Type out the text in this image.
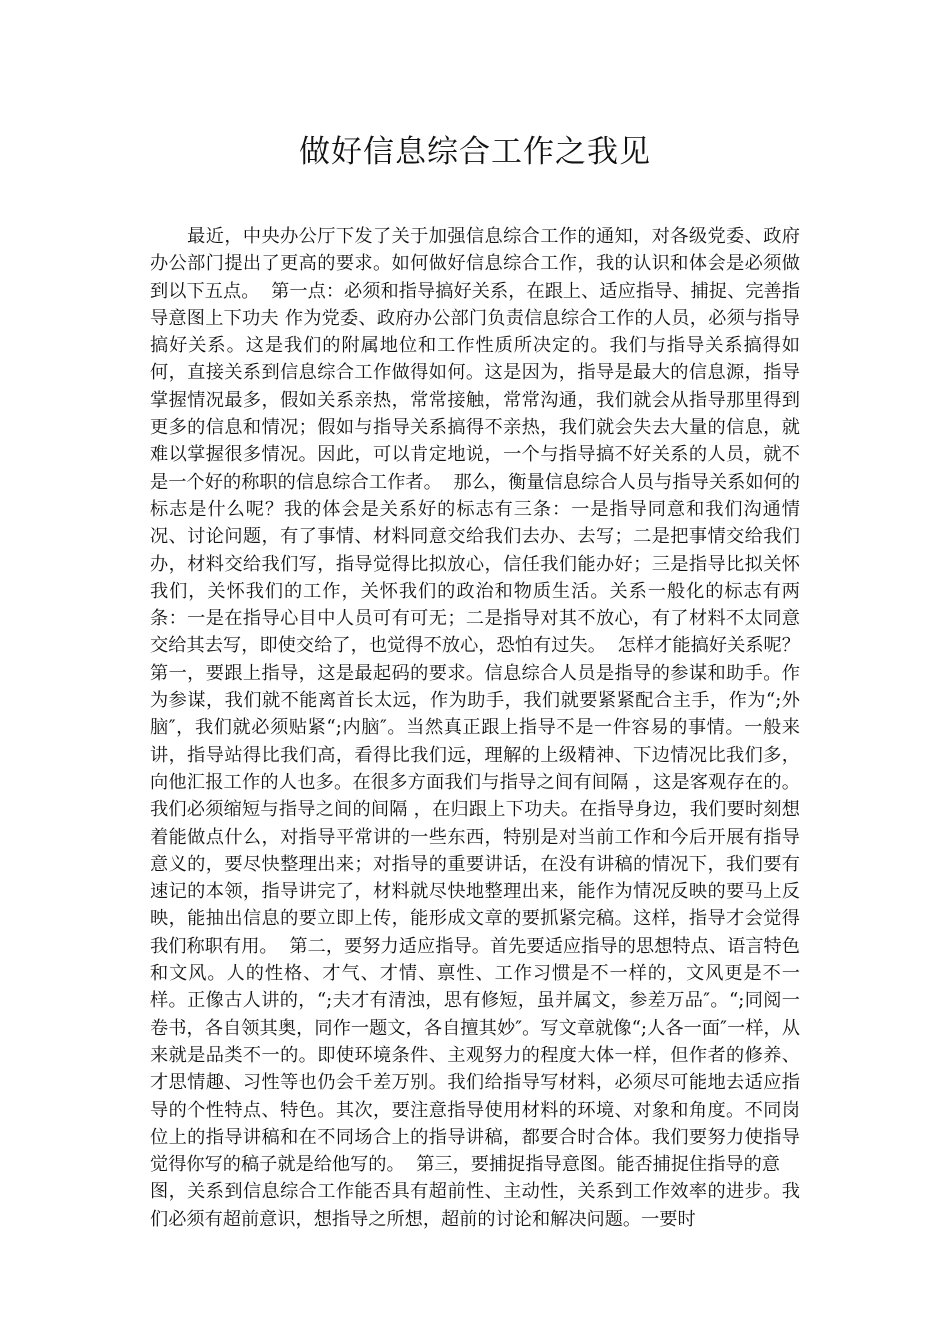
做好信息综合工作之我见

　　最近，中央办公厅下发了关于加强信息综合工作的通知，对各级党委、政府办公部门提出了更高的要求。如何做好信息综合工作，我的认识和体会是必须做到以下五点。  第一点：必须和指导搞好关系，在跟上、适应指导、捕捉、完善指导意图上下功夫 作为党委、政府办公部门负责信息综合工作的人员，必须与指导搞好关系。这是我们的附属地位和工作性质所决定的。我们与指导关系搞得如何，直接关系到信息综合工作做得如何。这是因为，指导是最大的信息源，指导掌握情况最多，假如关系亲热，常常接触，常常沟通，我们就会从指导那里得到更多的信息和情况；假如与指导关系搞得不亲热，我们就会失去大量的信息，就难以掌握很多情况。因此，可以肯定地说，一个与指导搞不好关系的人员，就不是一个好的称职的信息综合工作者。  那么，衡量信息综合人员与指导关系如何的标志是什么呢？我的体会是关系好的标志有三条：一是指导同意和我们沟通情况、讨论问题，有了事情、材料同意交给我们去办、去写；二是把事情交给我们办，材料交给我们写，指导觉得比拟放心，信任我们能办好；三是指导比拟关怀我们，关怀我们的工作，关怀我们的政治和物质生活。关系一般化的标志有两条：一是在指导心目中人员可有可无；二是指导对其不放心，有了材料不太同意交给其去写，即使交给了，也觉得不放心，恐怕有过失。  怎样才能搞好关系呢？第一，要跟上指导，这是最起码的要求。信息综合人员是指导的参谋和助手。作为参谋，我们就不能离首长太远，作为助手，我们就要紧紧配合主手，作为“;外脑″，我们就必须贴紧“;内脑″。当然真正跟上指导不是一件容易的事情。一般来讲，指导站得比我们高，看得比我们远，理解的上级精神、下边情况比我们多，向他汇报工作的人也多。在很多方面我们与指导之间有间隔 ，这是客观存在的。我们必须缩短与指导之间的间隔 ，在归跟上下功夫。在指导身边，我们要时刻想着能做点什么，对指导平常讲的一些东西，特别是对当前工作和今后开展有指导意义的，要尽快整理出来；对指导的重要讲话，在没有讲稿的情况下，我们要有速记的本领，指导讲完了，材料就尽快地整理出来，能作为情况反映的要马上反映，能抽出信息的要立即上传，能形成文章的要抓紧完稿。这样，指导才会觉得我们称职有用。  第二，要努力适应指导。首先要适应指导的思想特点、语言特色和文风。人的性格、才气、才情、禀性、工作习惯是不一样的，文风更是不一样。正像古人讲的，“;夫才有清浊，思有修短，虽并属文，参差万品″。“;同阅一卷书，各自领其奥，同作一题文，各自擅其妙″。写文章就像“;人各一面″一样，从来就是品类不一的。即使环境条件、主观努力的程度大体一样，但作者的修养、才思情趣、习性等也仍会千差万别。我们给指导写材料，必须尽可能地去适应指导的个性特点、特色。其次，要注意指导使用材料的环境、对象和角度。不同岗位上的指导讲稿和在不同场合上的指导讲稿，都要合时合体。我们要努力使指导觉得你写的稿子就是给他写的。  第三，要捕捉指导意图。能否捕捉住指导的意
图，关系到信息综合工作能否具有超前性、主动性，关系到工作效率的进步。我们必须有超前意识，想指导之所想，超前的讨论和解决问题。一要时
